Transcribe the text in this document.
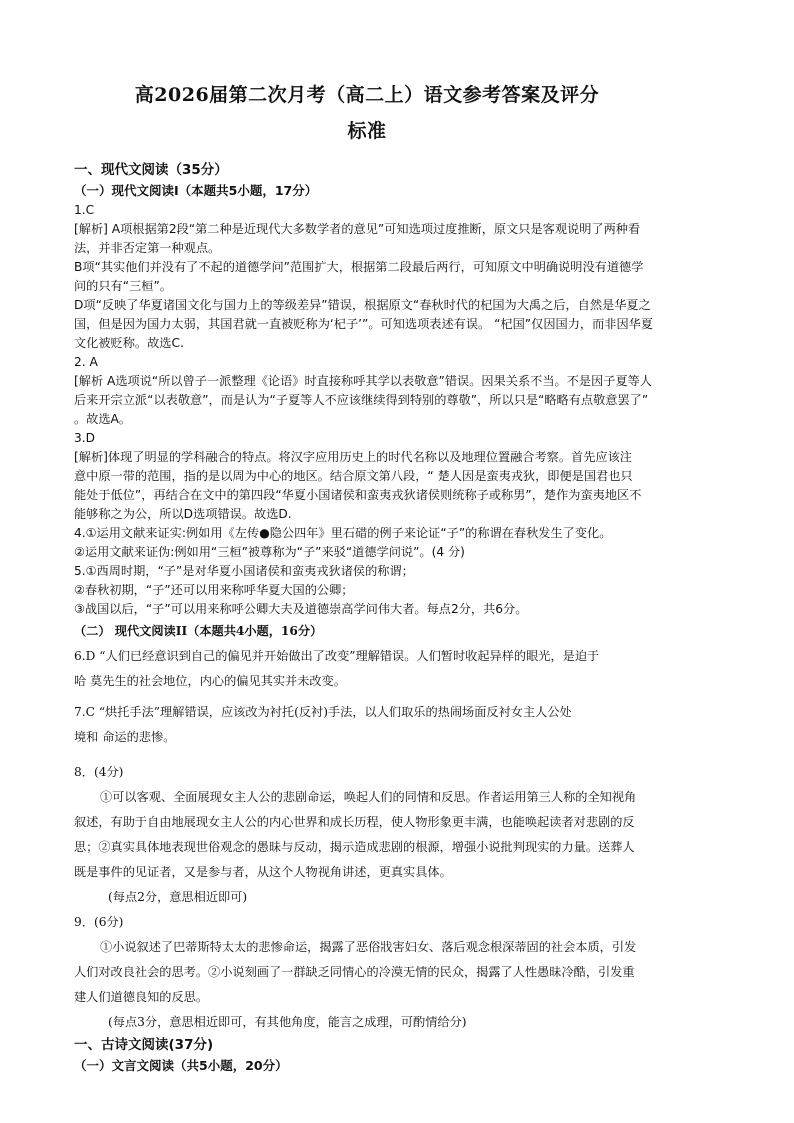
高2026届第二次月考（高二上）语文参考答案及评分
标准

一、现代文阅读（35分）

（一）现代文阅读I（本题共5小题，17分）

1.C

[解析] A项根据第2段“第二种是近现代大多数学者的意见”可知选项过度推断，原文只是客观说明了两种看

法，并非否定第一种观点。

B项“其实他们并没有了不起的道德学问”范围扩大，根据第二段最后两行，可知原文中明确说明没有道德学

问的只有“三桓”。

D项“反映了华夏诸国文化与国力上的等级差异”错误，根据原文“春秋时代的杞国为大禹之后，自然是华夏之

国，但是因为国力太弱，其国君就一直被贬称为‘杞子’”。可知选项表述有误。 “杞国”仅因国力，而非因华夏

文化被贬称。故选C.

2. A

[解析 A选项说“所以曾子一派整理《论语》时直接称呼其学以表敬意”错误。因果关系不当。不是因子夏等人

后来开宗立派“以表敬意”，而是认为“子夏等人不应该继续得到特别的尊敬”，所以只是“略略有点敬意罢了”

。故选A。

3.D

[解析]体现了明显的学科融合的特点。将汉字应用历史上的时代名称以及地理位置融合考察。首先应该注

意中原一带的范围，指的是以周为中心的地区。结合原文第八段，“ 楚人因是蛮夷戎狄，即便是国君也只

能处于低位”，再结合在文中的第四段“华夏小国诸侯和蛮夷戎狄诸侯则统称子或称男”，楚作为蛮夷地区不

能够称之为公，所以D选项错误。故选D.

4.①运用文献来证实:例如用《左传●隐公四年》里石碏的例子来论证“子”的称谓在春秋发生了变化。

②运用文献来证伪:例如用“三桓”被尊称为“子”来驳“道德学问说”。(4 分)

5.①西周时期，“子”是对华夏小国诸侯和蛮夷戎狄诸侯的称谓；

②春秋初期，“子”还可以用来称呼华夏大国的公卿；

③战国以后，“子”可以用来称呼公卿大夫及道德崇高学问伟大者。每点2分，共6分。

（二） 现代文阅读II（本题共4小题，16分）

6.D “人们已经意识到自己的偏见并开始做出了改变”理解错误。人们暂时收起异样的眼光，是迫于

哈 莫先生的社会地位，内心的偏见其实并未改变。

7.C “烘托手法”理解错误，应该改为衬托(反衬)手法，以人们取乐的热闹场面反衬女主人公处

境和 命运的悲惨。

8．(4分)

①可以客观、全面展现女主人公的悲剧命运，唤起人们的同情和反思。作者运用第三人称的全知视角

叙述，有助于自由地展现女主人公的内心世界和成长历程，使人物形象更丰满，也能唤起读者对悲剧的反

思；②真实具体地表现世俗观念的愚昧与反动，揭示造成悲剧的根源，增强小说批判现实的力量。送葬人

既是事件的见证者，又是参与者，从这个人物视角讲述，更真实具体。

(每点2分，意思相近即可)

9．(6分)

①小说叙述了巴蒂斯特太太的悲惨命运，揭露了恶俗戕害妇女、落后观念根深蒂固的社会本质，引发

人们对改良社会的思考。②小说刻画了一群缺乏同情心的冷漠无情的民众，揭露了人性愚昧冷酷，引发重

建人们道德良知的反思。

(每点3分，意思相近即可，有其他角度，能言之成理，可酌情给分)

一、古诗文阅读(37分)

（一）文言文阅读（共5小题，20分）
